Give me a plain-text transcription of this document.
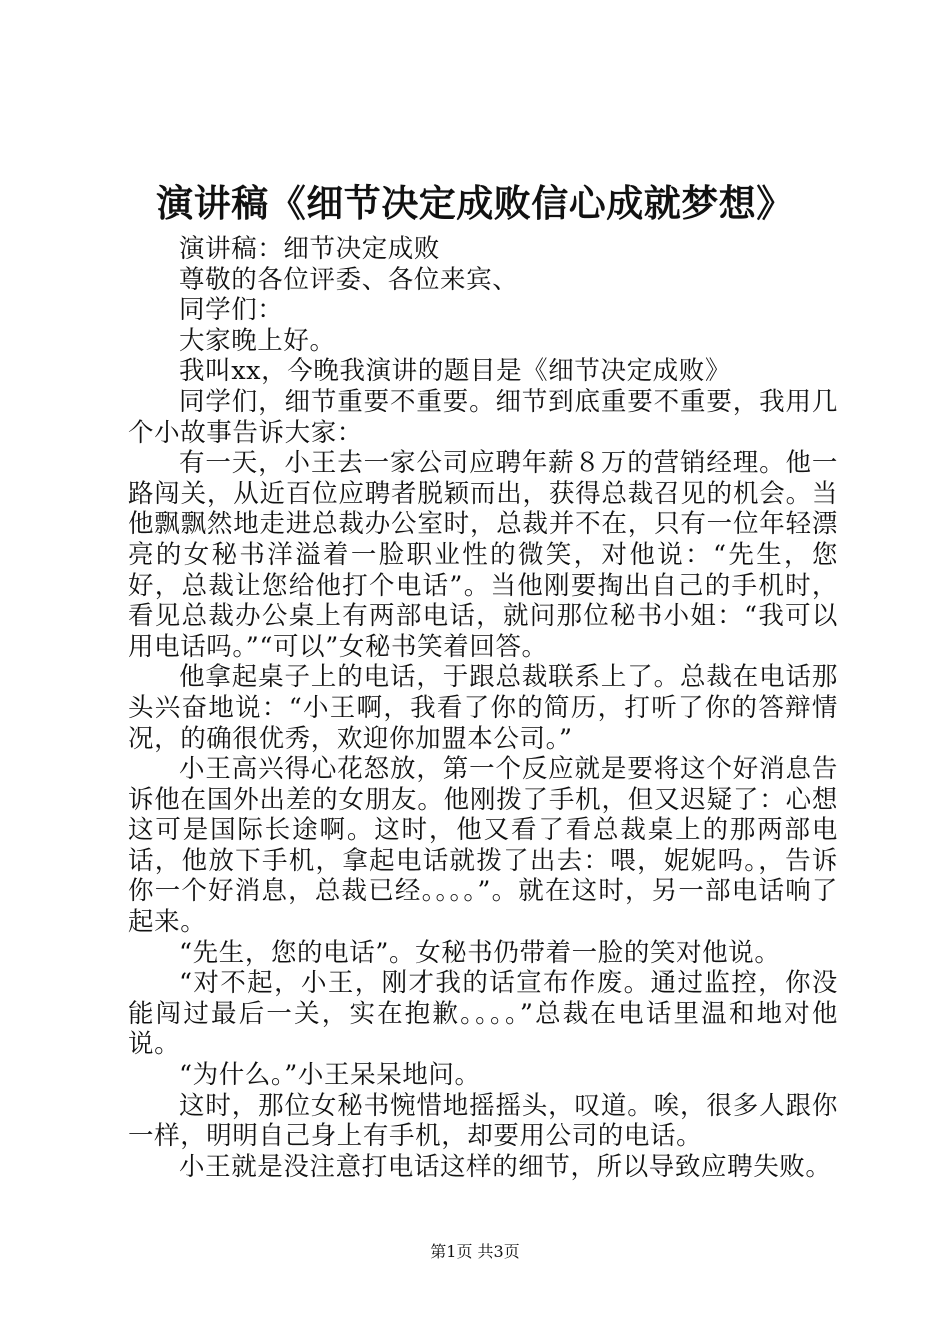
演讲稿《细节决定成败信心成就梦想》

演讲稿：细节决定成败

尊敬的各位评委、各位来宾、

同学们：

大家晚上好。

我叫xx，今晚我演讲的题目是《细节决定成败》

同学们，细节重要不重要。细节到底重要不重要，我用几个小故事告诉大家：

有一天，小王去一家公司应聘年薪８万的营销经理。他一路闯关，从近百位应聘者脱颖而出，获得总裁召见的机会。当他飘飘然地走进总裁办公室时，总裁并不在，只有一位年轻漂亮的女秘书洋溢着一脸职业性的微笑，对他说：“先生，您好，总裁让您给他打个电话”。当他刚要掏出自己的手机时，看见总裁办公桌上有两部电话，就问那位秘书小姐：“我可以用电话吗。”“可以”女秘书笑着回答。

他拿起桌子上的电话，于跟总裁联系上了。总裁在电话那头兴奋地说：“小王啊，我看了你的简历，打听了你的答辩情况，的确很优秀，欢迎你加盟本公司。”

小王高兴得心花怒放，第一个反应就是要将这个好消息告诉他在国外出差的女朋友。他刚拨了手机，但又迟疑了：心想这可是国际长途啊。这时，他又看了看总裁桌上的那两部电话，他放下手机，拿起电话就拨了出去：喂，妮妮吗。，告诉你一个好消息，总裁已经。。。。”。就在这时，另一部电话响了起来。

“先生，您的电话”。女秘书仍带着一脸的笑对他说。

“对不起，小王，刚才我的话宣布作废。通过监控，你没能闯过最后一关，实在抱歉。。。。”总裁在电话里温和地对他说。

“为什么。”小王呆呆地问。

这时，那位女秘书惋惜地摇摇头，叹道。唉，很多人跟你一样，明明自己身上有手机，却要用公司的电话。

小王就是没注意打电话这样的细节，所以导致应聘失败。

第1页 共3页
